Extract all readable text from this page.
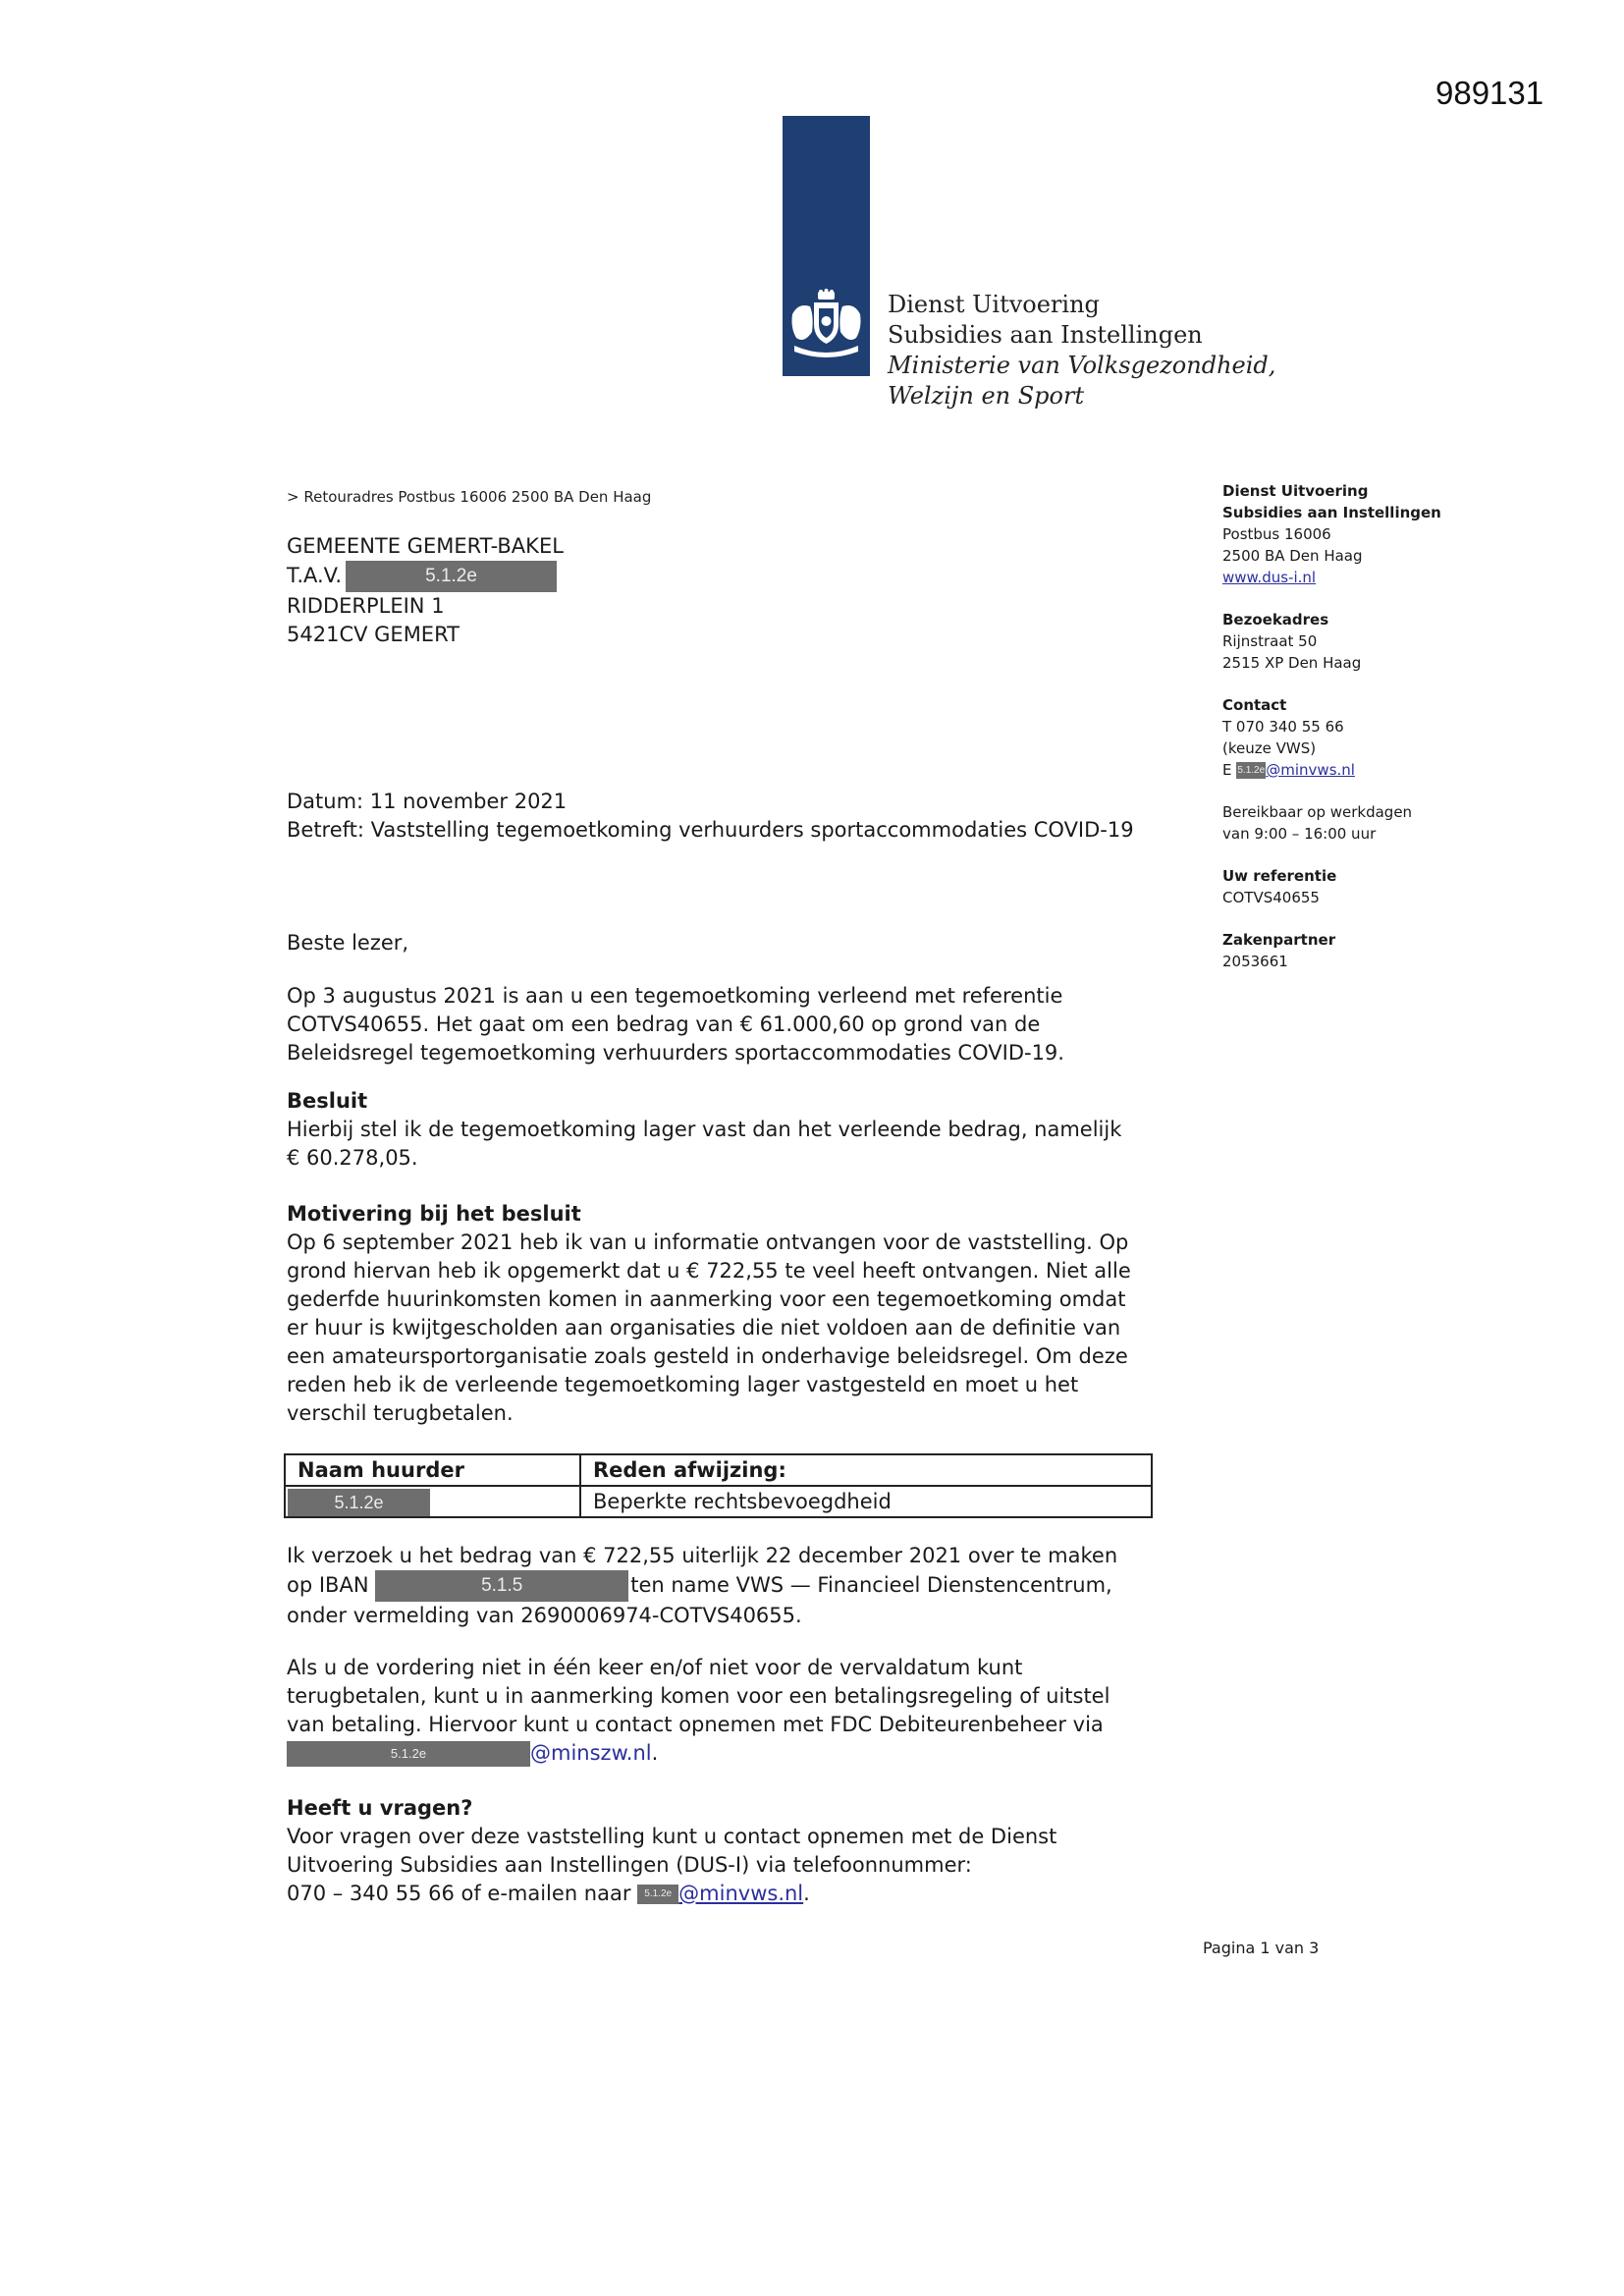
989131
Dienst Uitvoering
Subsidies aan Instellingen
Ministerie van Volksgezondheid,
Welzijn en Sport
> Retouradres Postbus 16006 2500 BA Den Haag
GEMEENTE GEMERT-BAKEL
T.A.V.	5.1.2e
RIDDERPLEIN 1
5421CV GEMERT
Dienst Uitvoering
Subsidies aan Instellingen
Postbus 16006
2500 BA Den Haag
www.dus-i.nl
Bezoekadres
Rijnstraat 50
2515 XP Den Haag
Contact
T 070 340 55 66
(keuze VWS)
E 5.1.2e@minvws.nl
Bereikbaar op werkdagen
van 9:00 – 16:00 uur
Uw referentie
COTVS40655
Zakenpartner
2053661
Datum: 11 november 2021
Betreft: Vaststelling tegemoetkoming verhuurders sportaccommodaties COVID-19
Beste lezer,
Op 3 augustus 2021 is aan u een tegemoetkoming verleend met referentie
COTVS40655. Het gaat om een bedrag van € 61.000,60 op grond van de
Beleidsregel tegemoetkoming verhuurders sportaccommodaties COVID-19.
Besluit
Hierbij stel ik de tegemoetkoming lager vast dan het verleende bedrag, namelijk
€ 60.278,05.
Motivering bij het besluit
Op 6 september 2021 heb ik van u informatie ontvangen voor de vaststelling. Op
grond hiervan heb ik opgemerkt dat u € 722,55 te veel heeft ontvangen. Niet alle
gederfde huurinkomsten komen in aanmerking voor een tegemoetkoming omdat
er huur is kwijtgescholden aan organisaties die niet voldoen aan de definitie van
een amateursportorganisatie zoals gesteld in onderhavige beleidsregel. Om deze
reden heb ik de verleende tegemoetkoming lager vastgesteld en moet u het
verschil terugbetalen.
Naam huurder	Reden afwijzing:
5.1.2e	Beperkte rechtsbevoegdheid
Ik verzoek u het bedrag van € 722,55 uiterlijk 22 december 2021 over te maken
op IBAN	5.1.5	ten name VWS — Financieel Dienstencentrum,
onder vermelding van 2690006974-COTVS40655.
Als u de vordering niet in één keer en/of niet voor de vervaldatum kunt
terugbetalen, kunt u in aanmerking komen voor een betalingsregeling of uitstel
van betaling. Hiervoor kunt u contact opnemen met FDC Debiteurenbeheer via
5.1.2e	@minszw.nl.
Heeft u vragen?
Voor vragen over deze vaststelling kunt u contact opnemen met de Dienst
Uitvoering Subsidies aan Instellingen (DUS-I) via telefoonnummer:
070 – 340 55 66 of e-mailen naar 5.1.2e @minvws.nl.
Pagina 1 van 3
